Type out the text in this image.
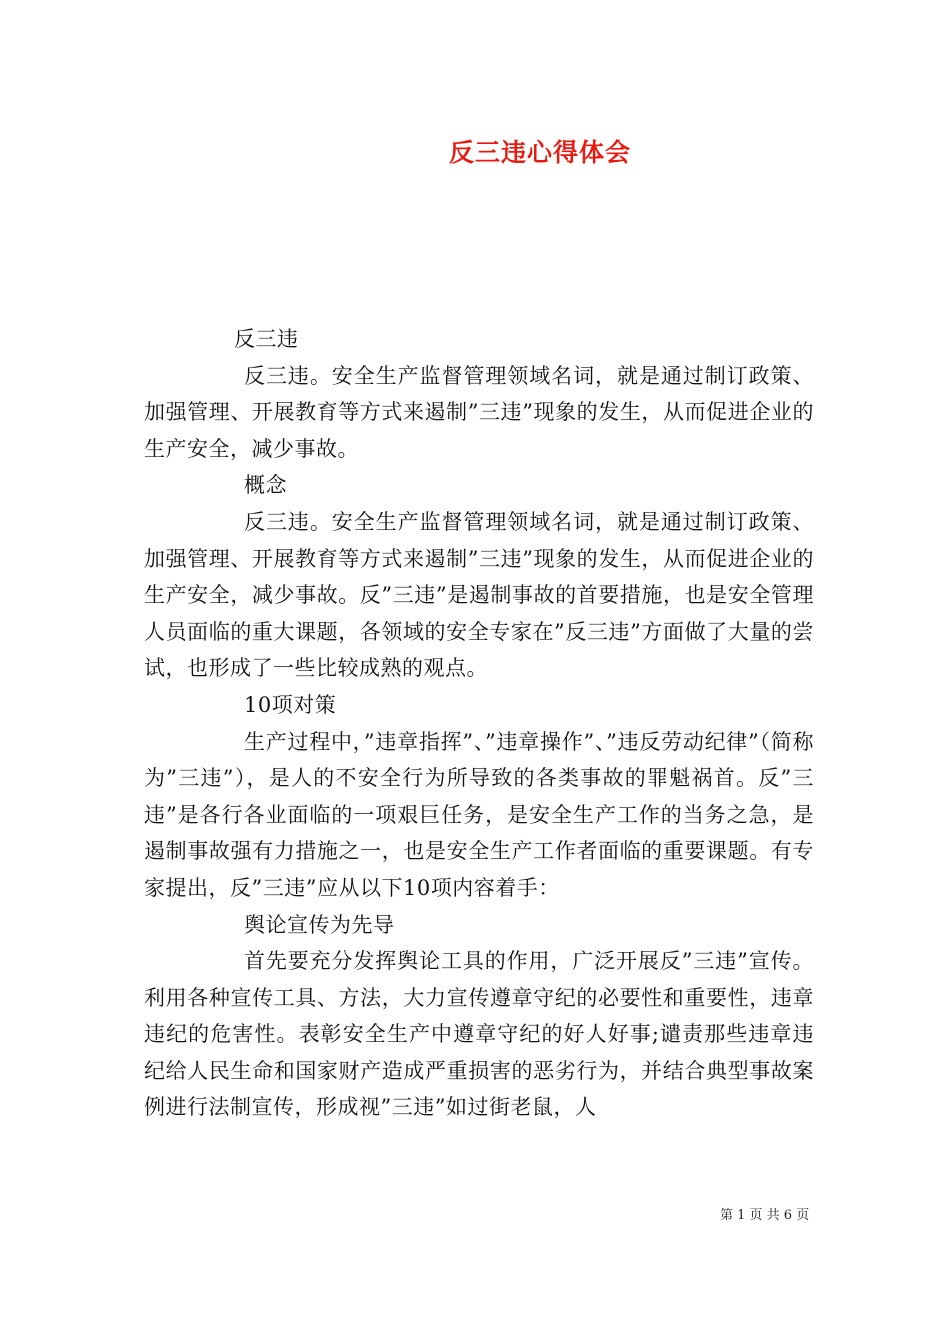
反三违心得体会

反三违

反三违。安全生产监督管理领域名词，就是通过制订政策、加强管理、开展教育等方式来遏制”三违”现象的发生，从而促进企业的生产安全，减少事故。

概念

反三违。安全生产监督管理领域名词，就是通过制订政策、加强管理、开展教育等方式来遏制”三违”现象的发生，从而促进企业的生产安全，减少事故。反”三违”是遏制事故的首要措施，也是安全管理人员面临的重大课题，各领域的安全专家在”反三违”方面做了大量的尝试，也形成了一些比较成熟的观点。

10项对策

生产过程中，”违章指挥”、”违章操作”、”违反劳动纪律”（简称为”三违”），是人的不安全行为所导致的各类事故的罪魁祸首。反”三违”是各行各业面临的一项艰巨任务，是安全生产工作的当务之急，是遏制事故强有力措施之一，也是安全生产工作者面临的重要课题。有专家提出，反”三违”应从以下10项内容着手：

舆论宣传为先导

首先要充分发挥舆论工具的作用，广泛开展反”三违”宣传。利用各种宣传工具、方法，大力宣传遵章守纪的必要性和重要性，违章违纪的危害性。表彰安全生产中遵章守纪的好人好事;谴责那些违章违纪给人民生命和国家财产造成严重损害的恶劣行为，并结合典型事故案例进行法制宣传，形成视”三违”如过街老鼠，人

第 1 页 共 6 页
